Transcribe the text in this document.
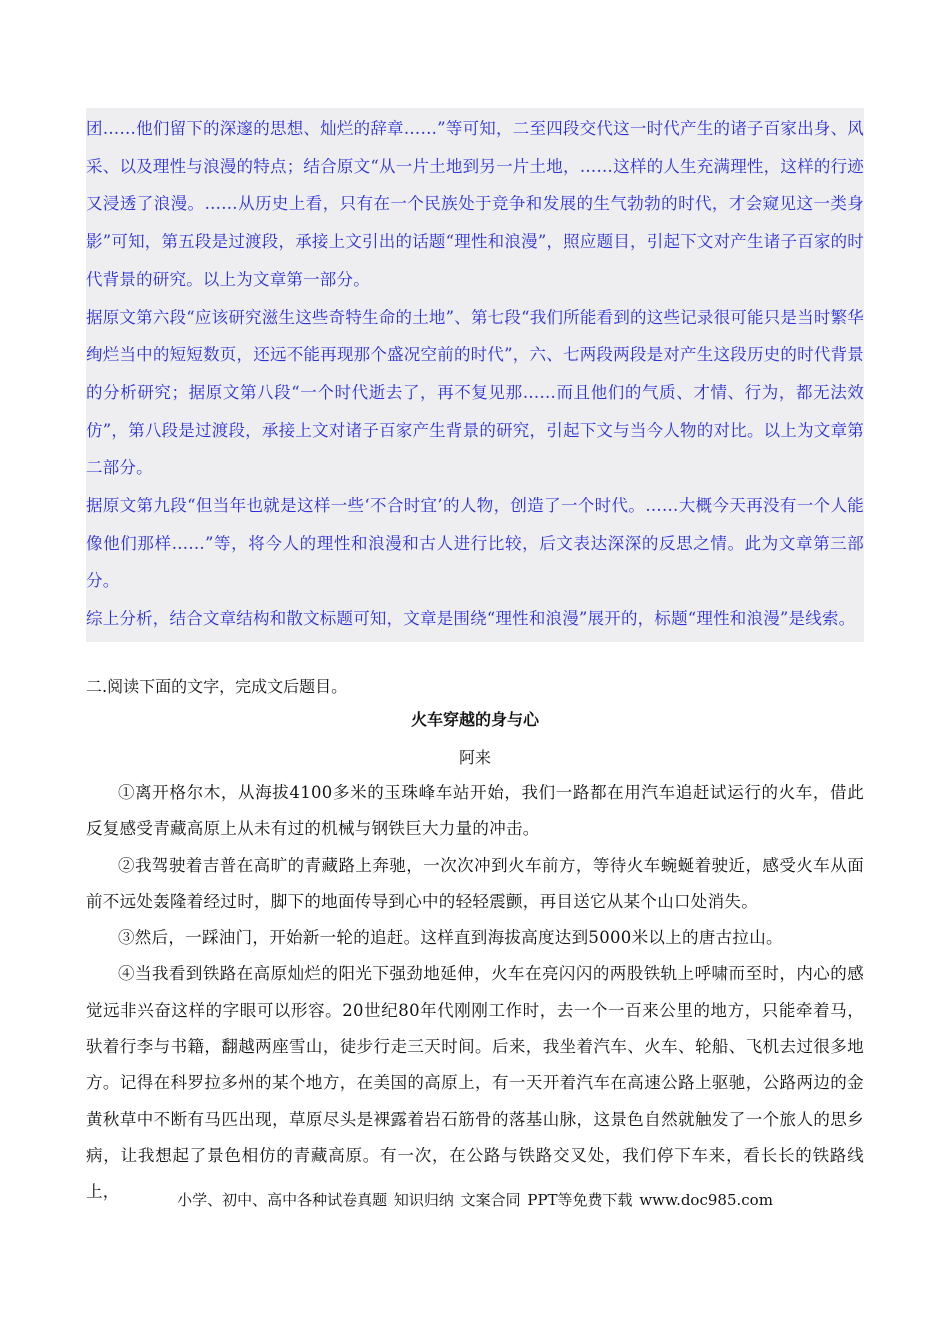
团……他们留下的深邃的思想、灿烂的辞章……”等可知，二至四段交代这一时代产生的诸子百家出身、风采、以及理性与浪漫的特点；结合原文“从一片土地到另一片土地，……这样的人生充满理性，这样的行迹又浸透了浪漫。……从历史上看，只有在一个民族处于竞争和发展的生气勃勃的时代，才会窥见这一类身影”可知，第五段是过渡段，承接上文引出的话题“理性和浪漫”，照应题目，引起下文对产生诸子百家的时代背景的研究。以上为文章第一部分。

据原文第六段“应该研究滋生这些奇特生命的土地”、第七段“我们所能看到的这些记录很可能只是当时繁华绚烂当中的短短数页，还远不能再现那个盛况空前的时代”，六、七两段两段是对产生这段历史的时代背景的分析研究；据原文第八段“一个时代逝去了，再不复见那……而且他们的气质、才情、行为，都无法效仿”，第八段是过渡段，承接上文对诸子百家产生背景的研究，引起下文与当今人物的对比。以上为文章第二部分。

据原文第九段“但当年也就是这样一些‘不合时宜’的人物，创造了一个时代。……大概今天再没有一个人能像他们那样……”等，将今人的理性和浪漫和古人进行比较，后文表达深深的反思之情。此为文章第三部分。

综上分析，结合文章结构和散文标题可知，文章是围绕“理性和浪漫”展开的，标题“理性和浪漫”是线索。

二.阅读下面的文字，完成文后题目。
火车穿越的身与心
阿来

①离开格尔木，从海拔4100多米的玉珠峰车站开始，我们一路都在用汽车追赶试运行的火车，借此反复感受青藏高原上从未有过的机械与钢铁巨大力量的冲击。

②我驾驶着吉普在高旷的青藏路上奔驰，一次次冲到火车前方，等待火车蜿蜒着驶近，感受火车从面前不远处轰隆着经过时，脚下的地面传导到心中的轻轻震颤，再目送它从某个山口处消失。

③然后，一踩油门，开始新一轮的追赶。这样直到海拔高度达到5000米以上的唐古拉山。

④当我看到铁路在高原灿烂的阳光下强劲地延伸，火车在亮闪闪的两股铁轨上呼啸而至时，内心的感觉远非兴奋这样的字眼可以形容。20世纪80年代刚刚工作时，去一个一百来公里的地方，只能牵着马，驮着行李与书籍，翻越两座雪山，徒步行走三天时间。后来，我坐着汽车、火车、轮船、飞机去过很多地方。记得在科罗拉多州的某个地方，在美国的高原上，有一天开着汽车在高速公路上驱驰，公路两边的金黄秋草中不断有马匹出现，草原尽头是裸露着岩石筋骨的落基山脉，这景色自然就触发了一个旅人的思乡病，让我想起了景色相仿的青藏高原。有一次，在公路与铁路交叉处，我们停下车来，看长长的铁路线上，	小学、初中、高中各种试卷真题 知识归纳 文案合同 PPT等免费下载 www.doc985.com
